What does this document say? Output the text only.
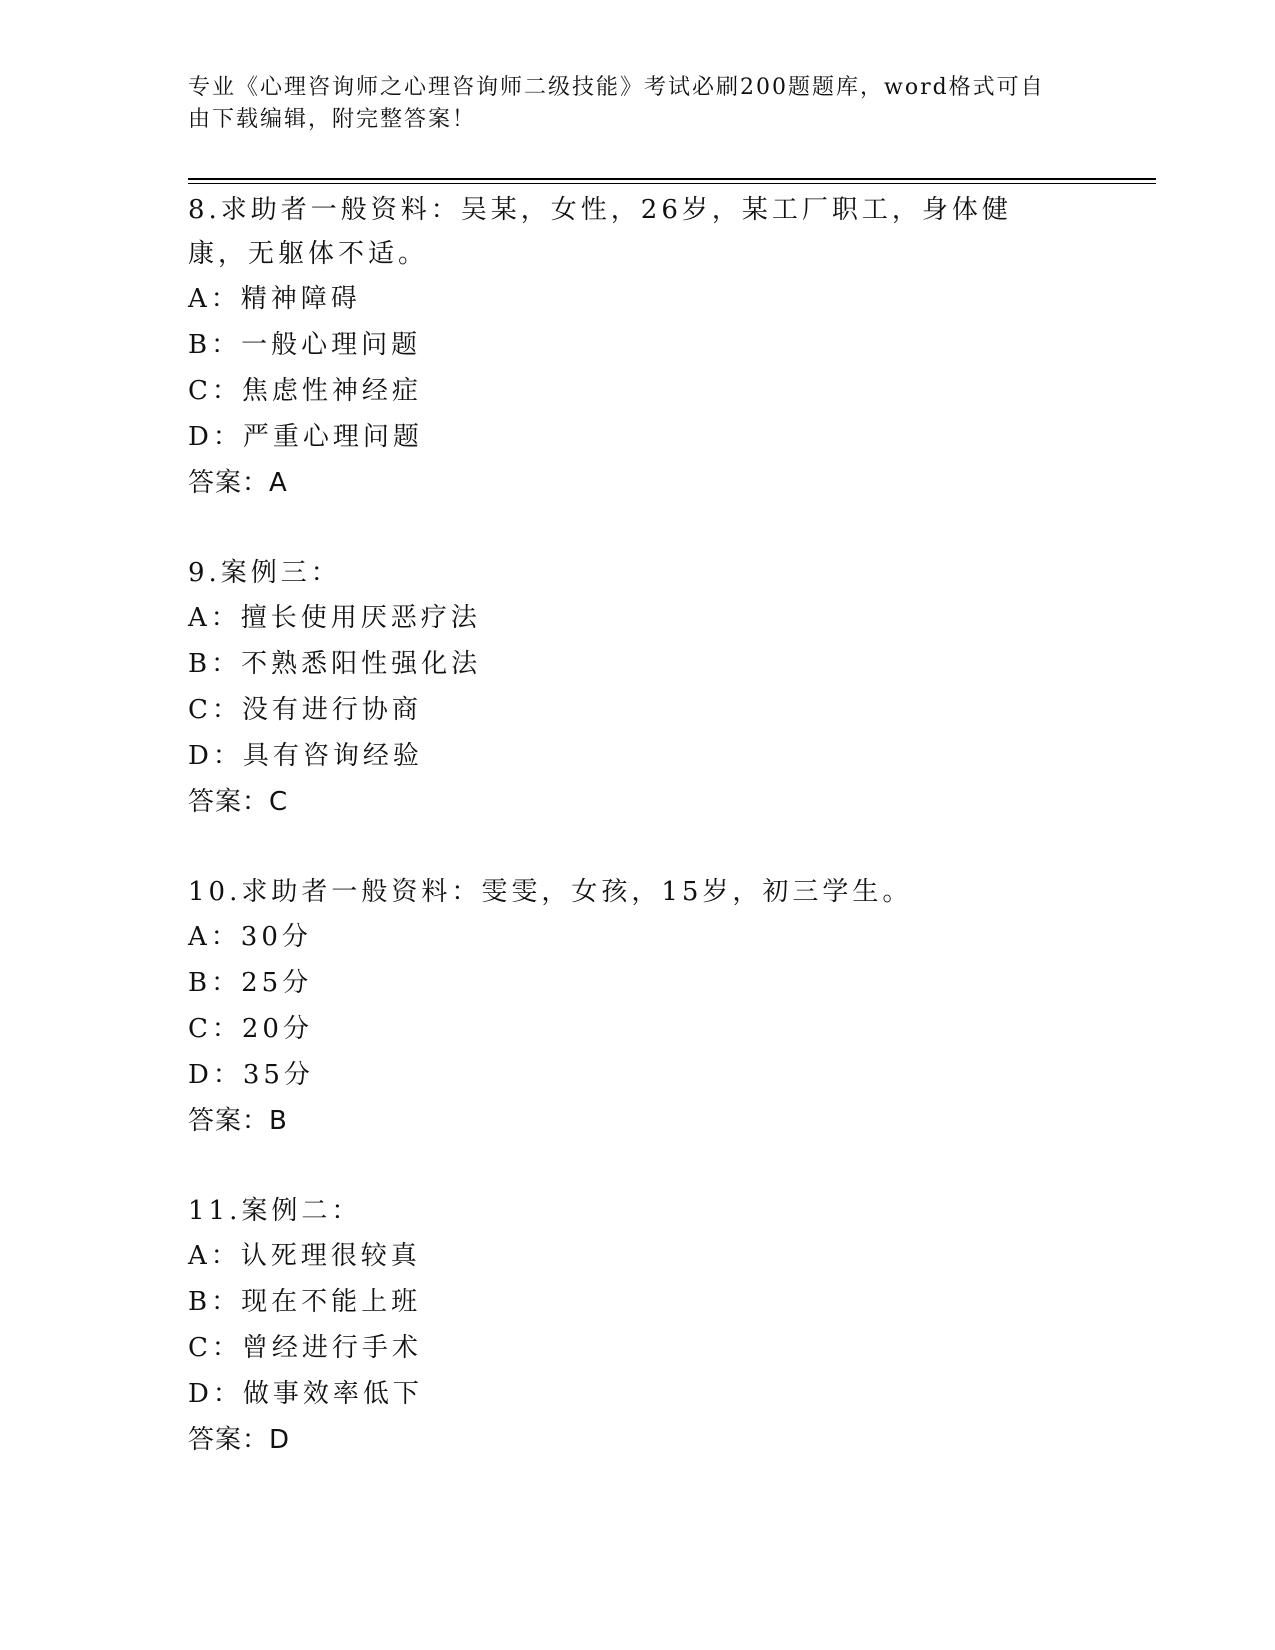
专业《心理咨询师之心理咨询师二级技能》考试必刷200题题库，word格式可自由下载编辑，附完整答案！
8.求助者一般资料：吴某，女性，26岁，某工厂职工，身体健康，无躯体不适。
A：精神障碍
B：一般心理问题
C：焦虑性神经症
D：严重心理问题
答案：A
9.案例三：
A：擅长使用厌恶疗法
B：不熟悉阳性强化法
C：没有进行协商
D：具有咨询经验
答案：C
10.求助者一般资料：雯雯，女孩，15岁，初三学生。
A：30分
B：25分
C：20分
D：35分
答案：B
11.案例二：
A：认死理很较真
B：现在不能上班
C：曾经进行手术
D：做事效率低下
答案：D
